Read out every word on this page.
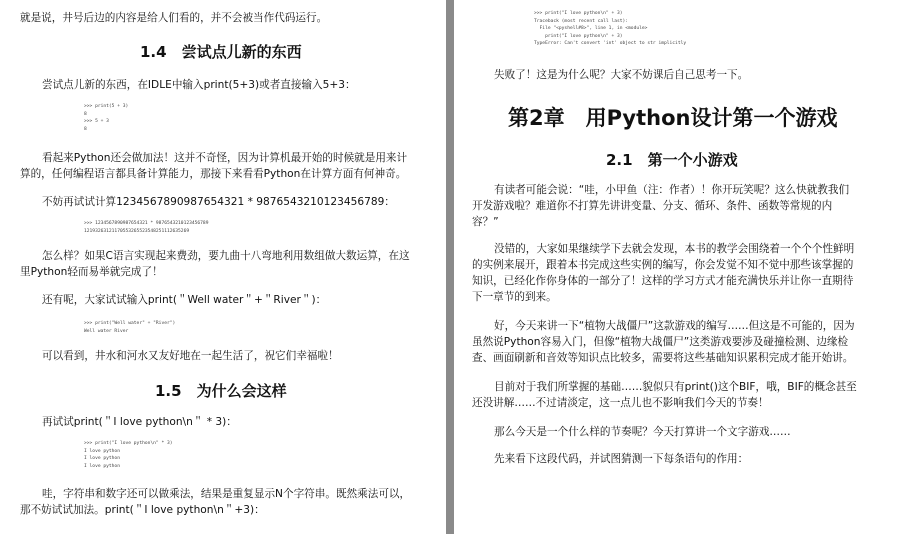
就是说，井号后边的内容是给人们看的，并不会被当作代码运行。

1.4　尝试点儿新的东西

尝试点儿新的东西，在IDLE中输入print(5+3)或者直接输入5+3：

>>> print(5 + 3)
8
>>> 5 + 3
8

看起来Python还会做加法！这并不奇怪，因为计算机最开始的时候就是用来计

算的，任何编程语言都具备计算能力，那接下来看看Python在计算方面有何神奇。

不妨再试试计算1234567890987654321 * 9876543210123456789：

>>> 1234567890987654321 * 9876543210123456789
12193263121170553265523548251112635269

怎么样？如果C语言实现起来费劲，要九曲十八弯地利用数组做大数运算，在这

里Python轻而易举就完成了！

还有呢，大家试试输入print(＂Well water＂+＂River＂)：

>>> print("Well water" + "River")
Well water River

可以看到，井水和河水又友好地在一起生活了，祝它们幸福啦！

1.5　为什么会这样

再试试print(＂I love python\n＂ * 3)：

>>> print("I love python\n" * 3)
I love python
I love python
I love python

哇，字符串和数字还可以做乘法，结果是重复显示N个字符串。既然乘法可以，

那不妨试试加法。print(＂I love python\n＂+3)：

>>> print("I love python\n" + 3)
Traceback (most recent call last):
File "<pyshell#8>", line 1, in <module>
print("I love python\n" + 3)
TypeError: Can't convert 'int' object to str implicitly

失败了！这是为什么呢？大家不妨课后自己思考一下。

第2章　用Python设计第一个游戏
2.1　第一个小游戏

有读者可能会说：“哇，小甲鱼（注：作者）！你开玩笑呢？这么快就教我们

开发游戏啦？难道你不打算先讲讲变量、分支、循环、条件、函数等常规的内

容？”

没错的，大家如果继续学下去就会发现，本书的教学会围绕着一个个个性鲜明

的实例来展开，跟着本书完成这些实例的编写，你会发觉不知不觉中那些该掌握的

知识，已经化作你身体的一部分了！这样的学习方式才能充满快乐并让你一直期待

下一章节的到来。

好，今天来讲一下“植物大战僵尸”这款游戏的编写……但这是不可能的，因为

虽然说Python容易入门，但像“植物大战僵尸”这类游戏要涉及碰撞检测、边缘检

查、画面刷新和音效等知识点比较多，需要将这些基础知识累积完成才能开始讲。

目前对于我们所掌握的基础……貌似只有print()这个BIF，哦，BIF的概念甚至

还没讲解……不过请淡定，这一点儿也不影响我们今天的节奏！

那么今天是一个什么样的节奏呢？今天打算讲一个文字游戏……

先来看下这段代码，并试图猜测一下每条语句的作用：
